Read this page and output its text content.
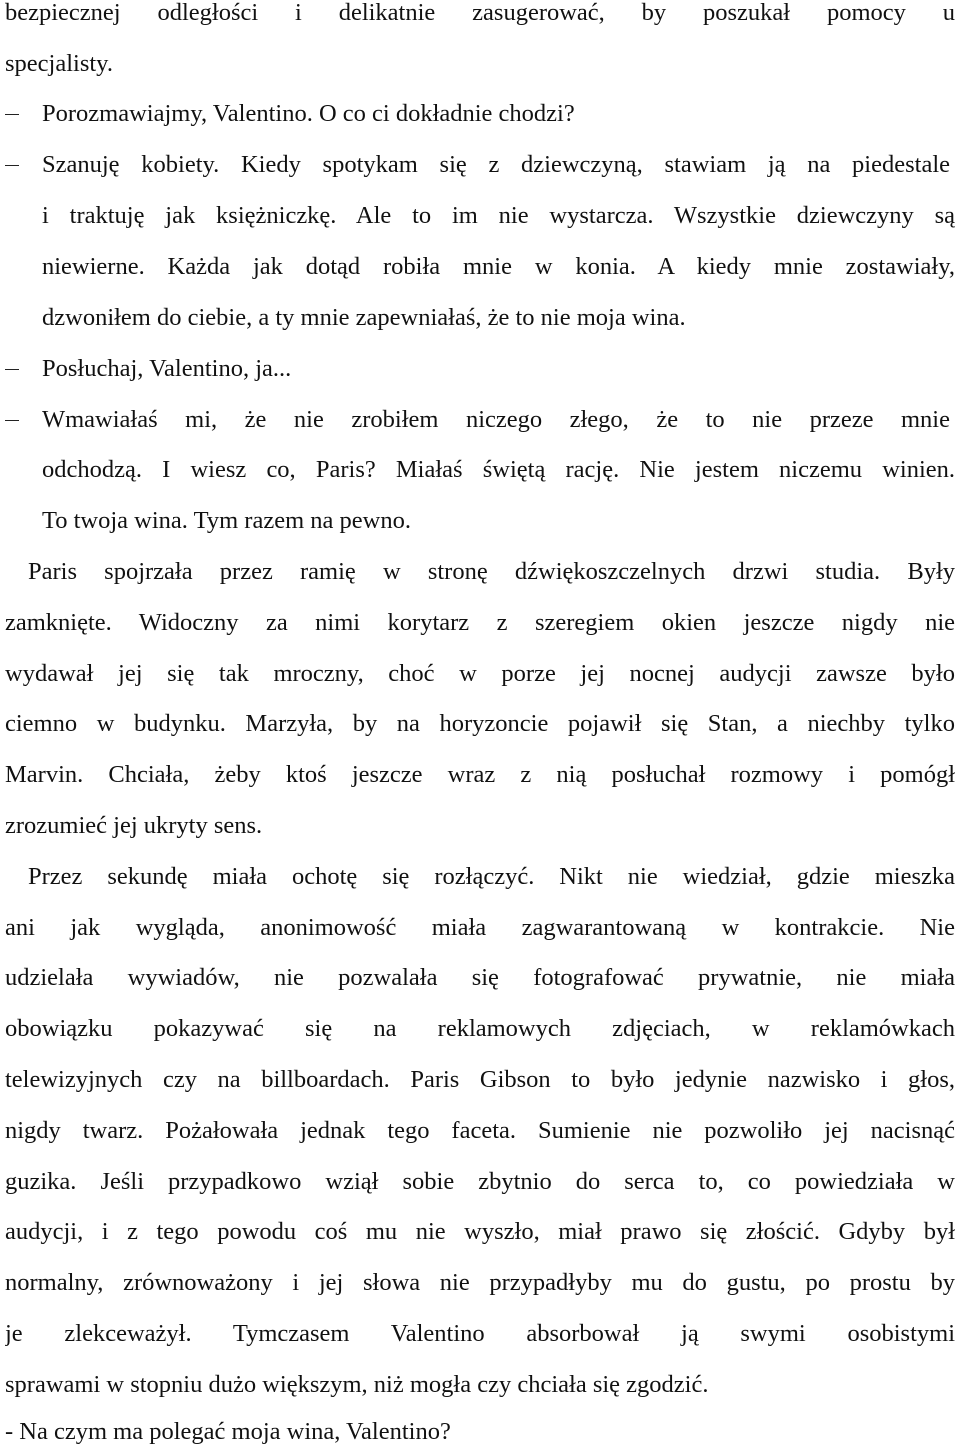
bezpiecznej odległości i delikatnie zasugerować, by poszukał pomocy u
specjalisty.
Porozmawiajmy, Valentino. O co ci dokładnie chodzi?
Szanuję kobiety. Kiedy spotykam się z dziewczyną, stawiam ją na piedestale
i traktuję jak księżniczkę. Ale to im nie wystarcza. Wszystkie dziewczyny są
niewierne. Każda jak dotąd robiła mnie w konia. A kiedy mnie zostawiały,
dzwoniłem do ciebie, a ty mnie zapewniałaś, że to nie moja wina.
Posłuchaj, Valentino, ja...
Wmawiałaś mi, że nie zrobiłem niczego złego, że to nie przeze mnie
odchodzą. I wiesz co, Paris? Miałaś świętą rację. Nie jestem niczemu winien.
To twoja wina. Tym razem na pewno.
Paris spojrzała przez ramię w stronę dźwiękoszczelnych drzwi studia. Były
zamknięte. Widoczny za nimi korytarz z szeregiem okien jeszcze nigdy nie
wydawał jej się tak mroczny, choć w porze jej nocnej audycji zawsze było
ciemno w budynku. Marzyła, by na horyzoncie pojawił się Stan, a niechby tylko
Marvin. Chciała, żeby ktoś jeszcze wraz z nią posłuchał rozmowy i pomógł
zrozumieć jej ukryty sens.
Przez sekundę miała ochotę się rozłączyć. Nikt nie wiedział, gdzie mieszka
ani jak wygląda, anonimowość miała zagwarantowaną w kontrakcie. Nie
udzielała wywiadów, nie pozwalała się fotografować prywatnie, nie miała
obowiązku pokazywać się na reklamowych zdjęciach, w reklamówkach
telewizyjnych czy na billboardach. Paris Gibson to było jedynie nazwisko i głos,
nigdy twarz. Pożałowała jednak tego faceta. Sumienie nie pozwoliło jej nacisnąć
guzika. Jeśli przypadkowo wziął sobie zbytnio do serca to, co powiedziała w
audycji, i z tego powodu coś mu nie wyszło, miał prawo się złościć. Gdyby był
normalny, zrównoważony i jej słowa nie przypadłyby mu do gustu, po prostu by
je zlekceważył. Tymczasem Valentino absorbował ją swymi osobistymi
sprawami w stopniu dużo większym, niż mogła czy chciała się zgodzić.
- Na czym ma polegać moja wina, Valentino?
